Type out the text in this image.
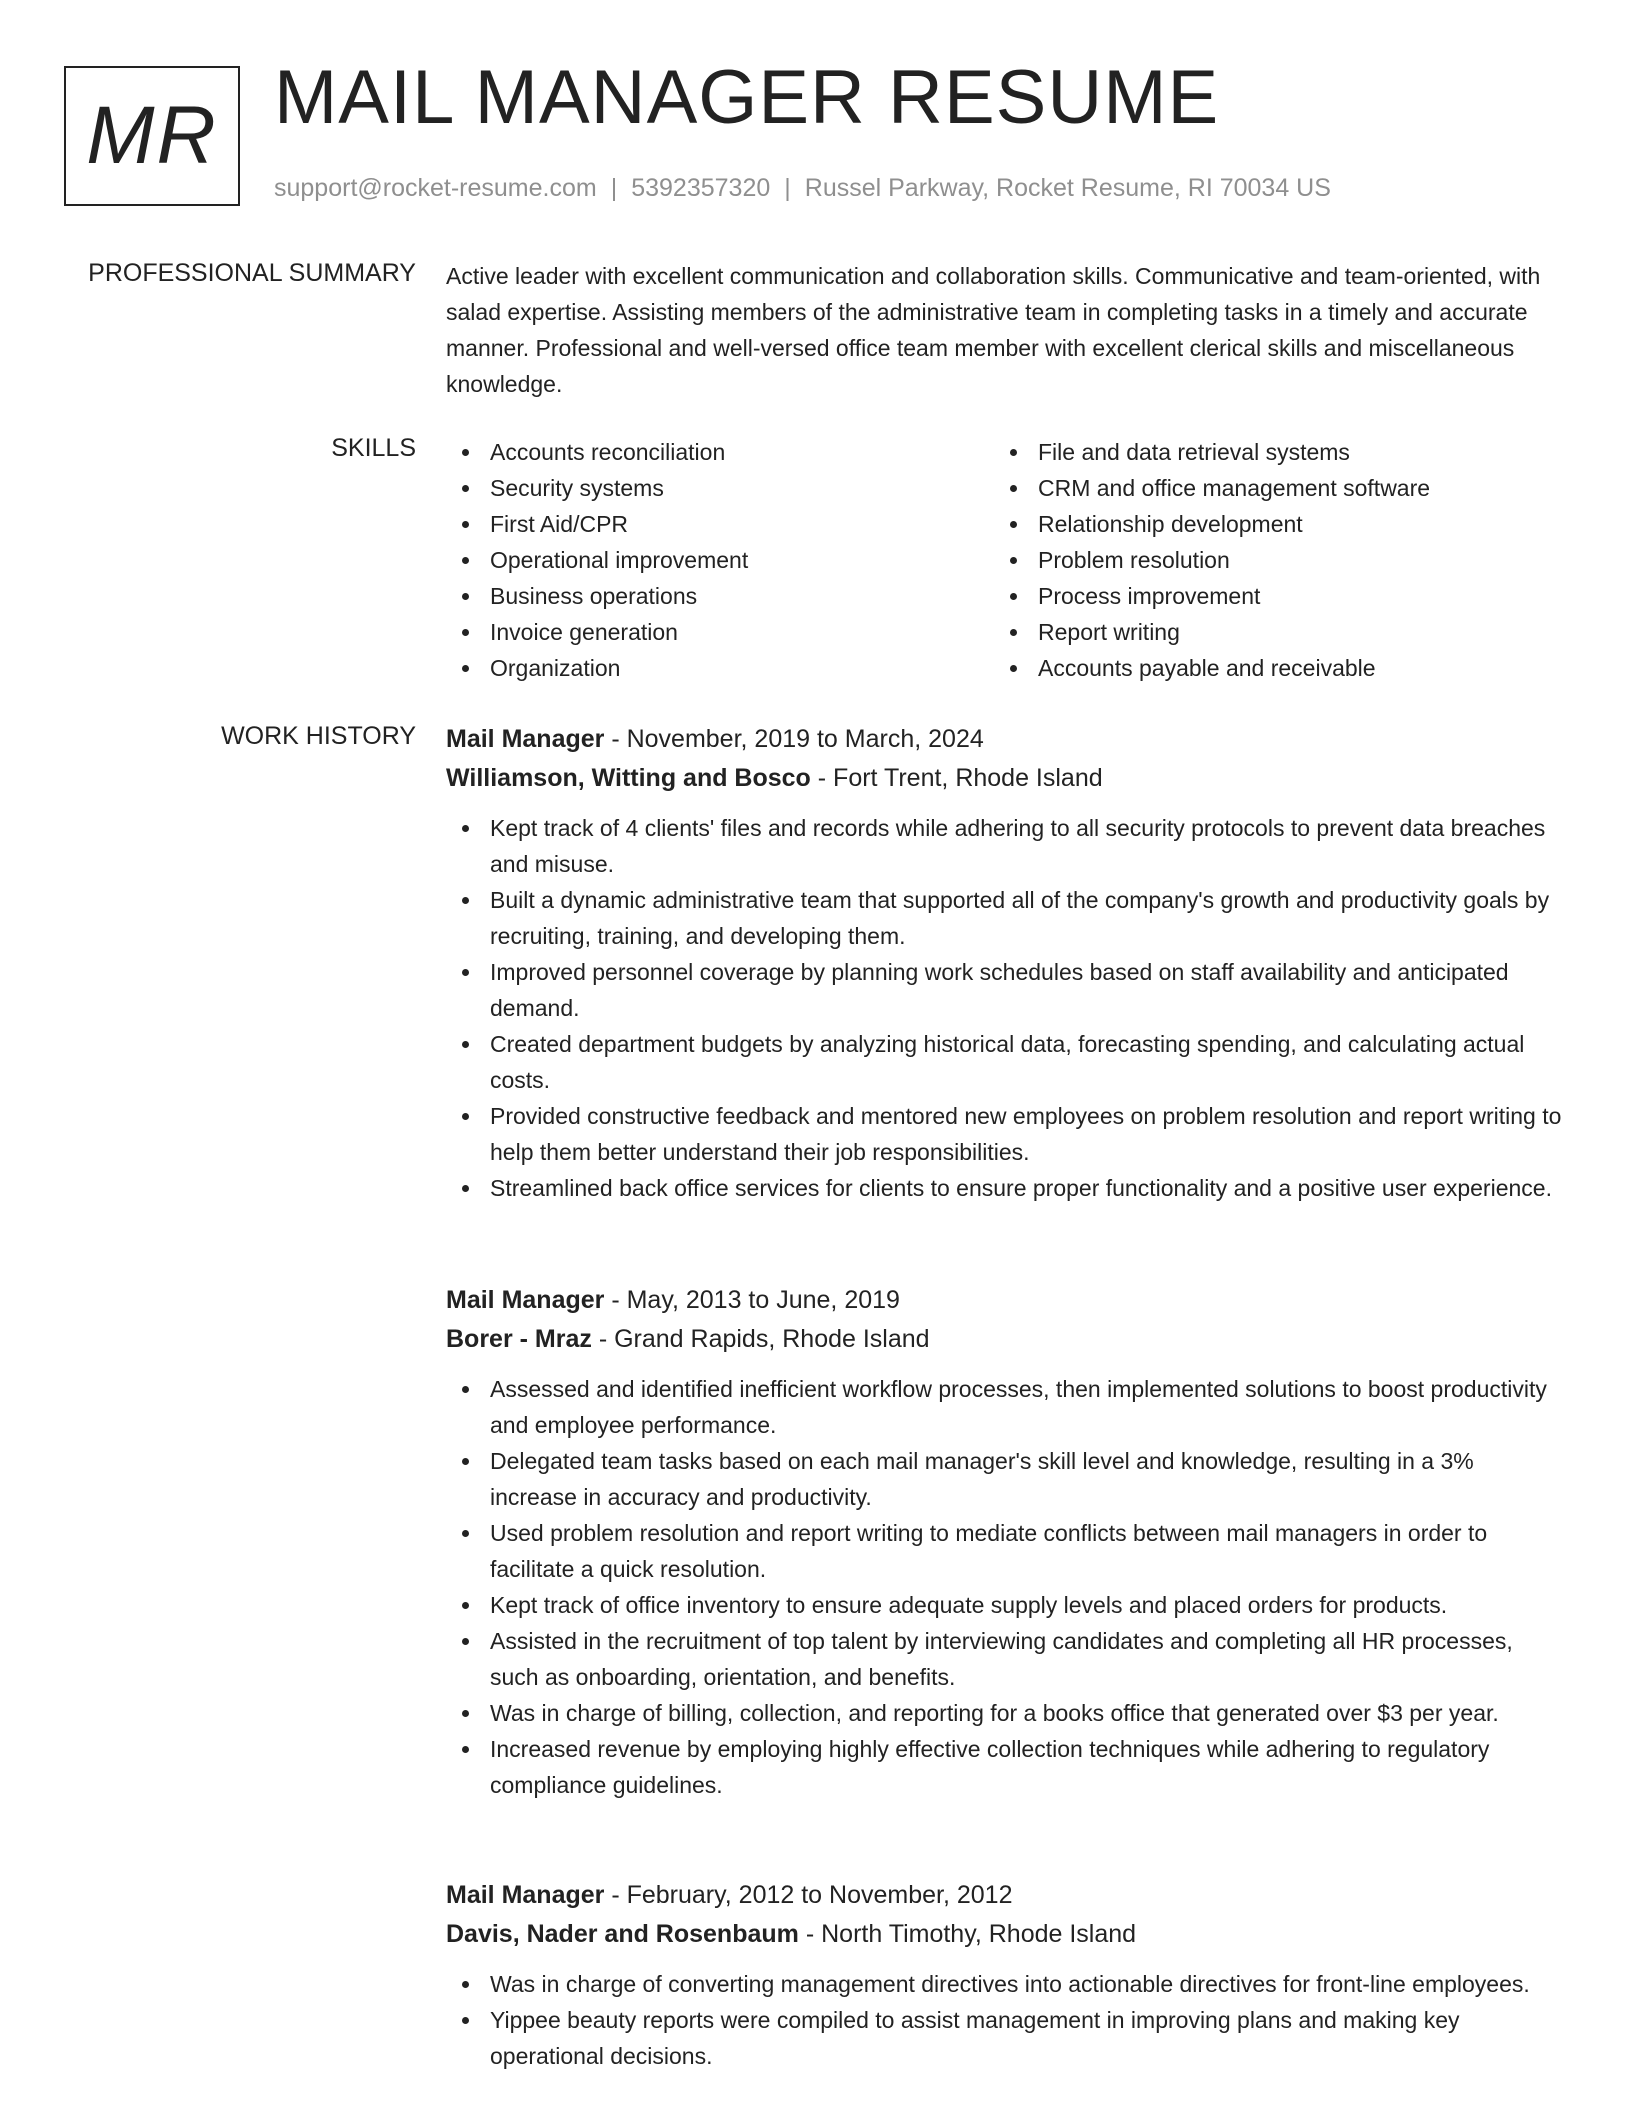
MR MAIL MANAGER RESUME
support@rocket-resume.com | 5392357320 | Russel Parkway, Rocket Resume, RI 70034 US
PROFESSIONAL SUMMARY Active leader with excellent communication and collaboration skills. Communicative and team-oriented, with salad expertise. Assisting members of the administrative team in completing tasks in a timely and accurate manner. Professional and well-versed office team member with excellent clerical skills and miscellaneous knowledge.
SKILLS	Accounts reconciliation
Security systems
First Aid/CPR
Operational improvement
Business operations
Invoice generation
Organization
File and data retrieval systems
CRM and office management software
Relationship development
Problem resolution
Process improvement
Report writing
Accounts payable and receivable
WORK HISTORY Mail Manager - November, 2019 to March, 2024
Williamson, Witting and Bosco - Fort Trent, Rhode Island
Kept track of 4 clients' files and records while adhering to all security protocols to prevent data breaches and misuse.
Built a dynamic administrative team that supported all of the company's growth and productivity goals by recruiting, training, and developing them.
Improved personnel coverage by planning work schedules based on staff availability and anticipated demand.
Created department budgets by analyzing historical data, forecasting spending, and calculating actual costs.
Provided constructive feedback and mentored new employees on problem resolution and report writing to help them better understand their job responsibilities.
Streamlined back office services for clients to ensure proper functionality and a positive user experience.
Mail Manager - May, 2013 to June, 2019
Borer - Mraz - Grand Rapids, Rhode Island
Assessed and identified inefficient workflow processes, then implemented solutions to boost productivity and employee performance.
Delegated team tasks based on each mail manager's skill level and knowledge, resulting in a 3% increase in accuracy and productivity.
Used problem resolution and report writing to mediate conflicts between mail managers in order to facilitate a quick resolution.
Kept track of office inventory to ensure adequate supply levels and placed orders for products.
Assisted in the recruitment of top talent by interviewing candidates and completing all HR processes, such as onboarding, orientation, and benefits.
Was in charge of billing, collection, and reporting for a books office that generated over $3 per year.
Increased revenue by employing highly effective collection techniques while adhering to regulatory compliance guidelines.
Mail Manager - February, 2012 to November, 2012
Davis, Nader and Rosenbaum - North Timothy, Rhode Island
Was in charge of converting management directives into actionable directives for front-line employees.
Yippee beauty reports were compiled to assist management in improving plans and making key operational decisions.
